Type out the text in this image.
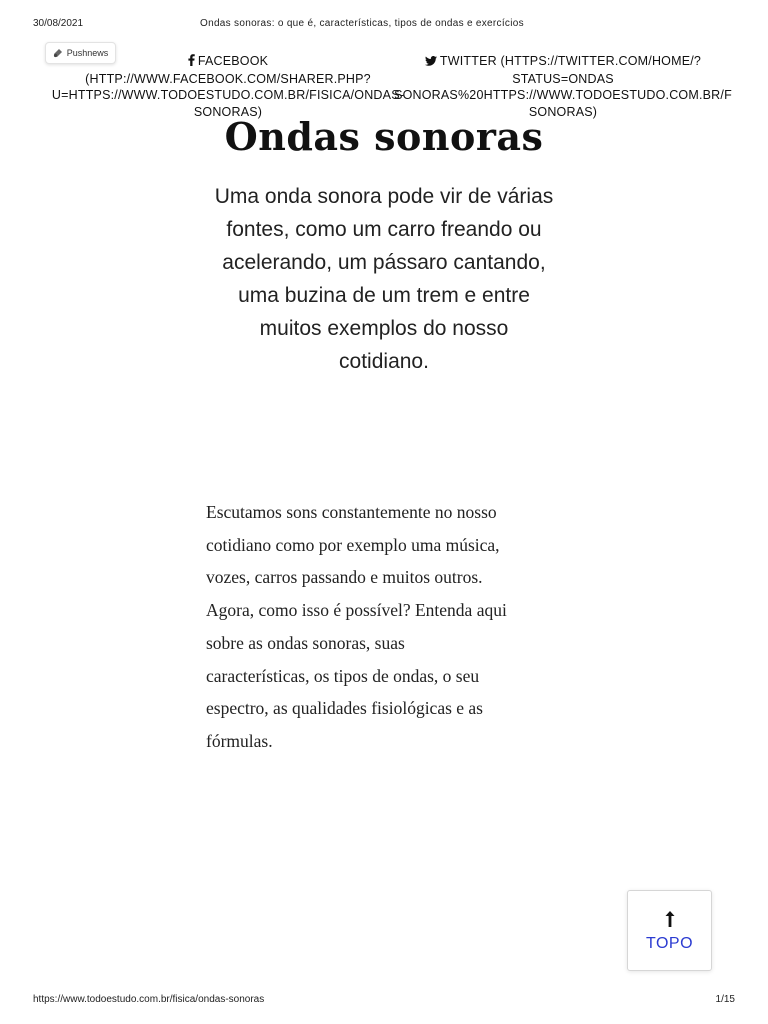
30/08/2021	Ondas sonoras: o que é, características, tipos de ondas e exercícios
Pushnews
FACEBOOK
(HTTP://WWW.FACEBOOK.COM/SHARER.PHP?
U=HTTPS://WWW.TODOESTUDO.COM.BR/FISICA/ONDAS-
SONORAS)
TWITTER (HTTPS://TWITTER.COM/HOME/?
STATUS=ONDAS
SONORAS%20HTTPS://WWW.TODOESTUDO.COM.BR/F
SONORAS)
Ondas sonoras

Uma onda sonora pode vir de várias
fontes, como um carro freando ou
acelerando, um pássaro cantando,
uma buzina de um trem e entre
muitos exemplos do nosso
cotidiano.

Escutamos sons constantemente no nosso
cotidiano como por exemplo uma música,
vozes, carros passando e muitos outros.
Agora, como isso é possível? Entenda aqui
sobre as ondas sonoras, suas
características, os tipos de ondas, o seu
espectro, as qualidades fisiológicas e as
fórmulas.

TOPO
https://www.todoestudo.com.br/fisica/ondas-sonoras	1/15
